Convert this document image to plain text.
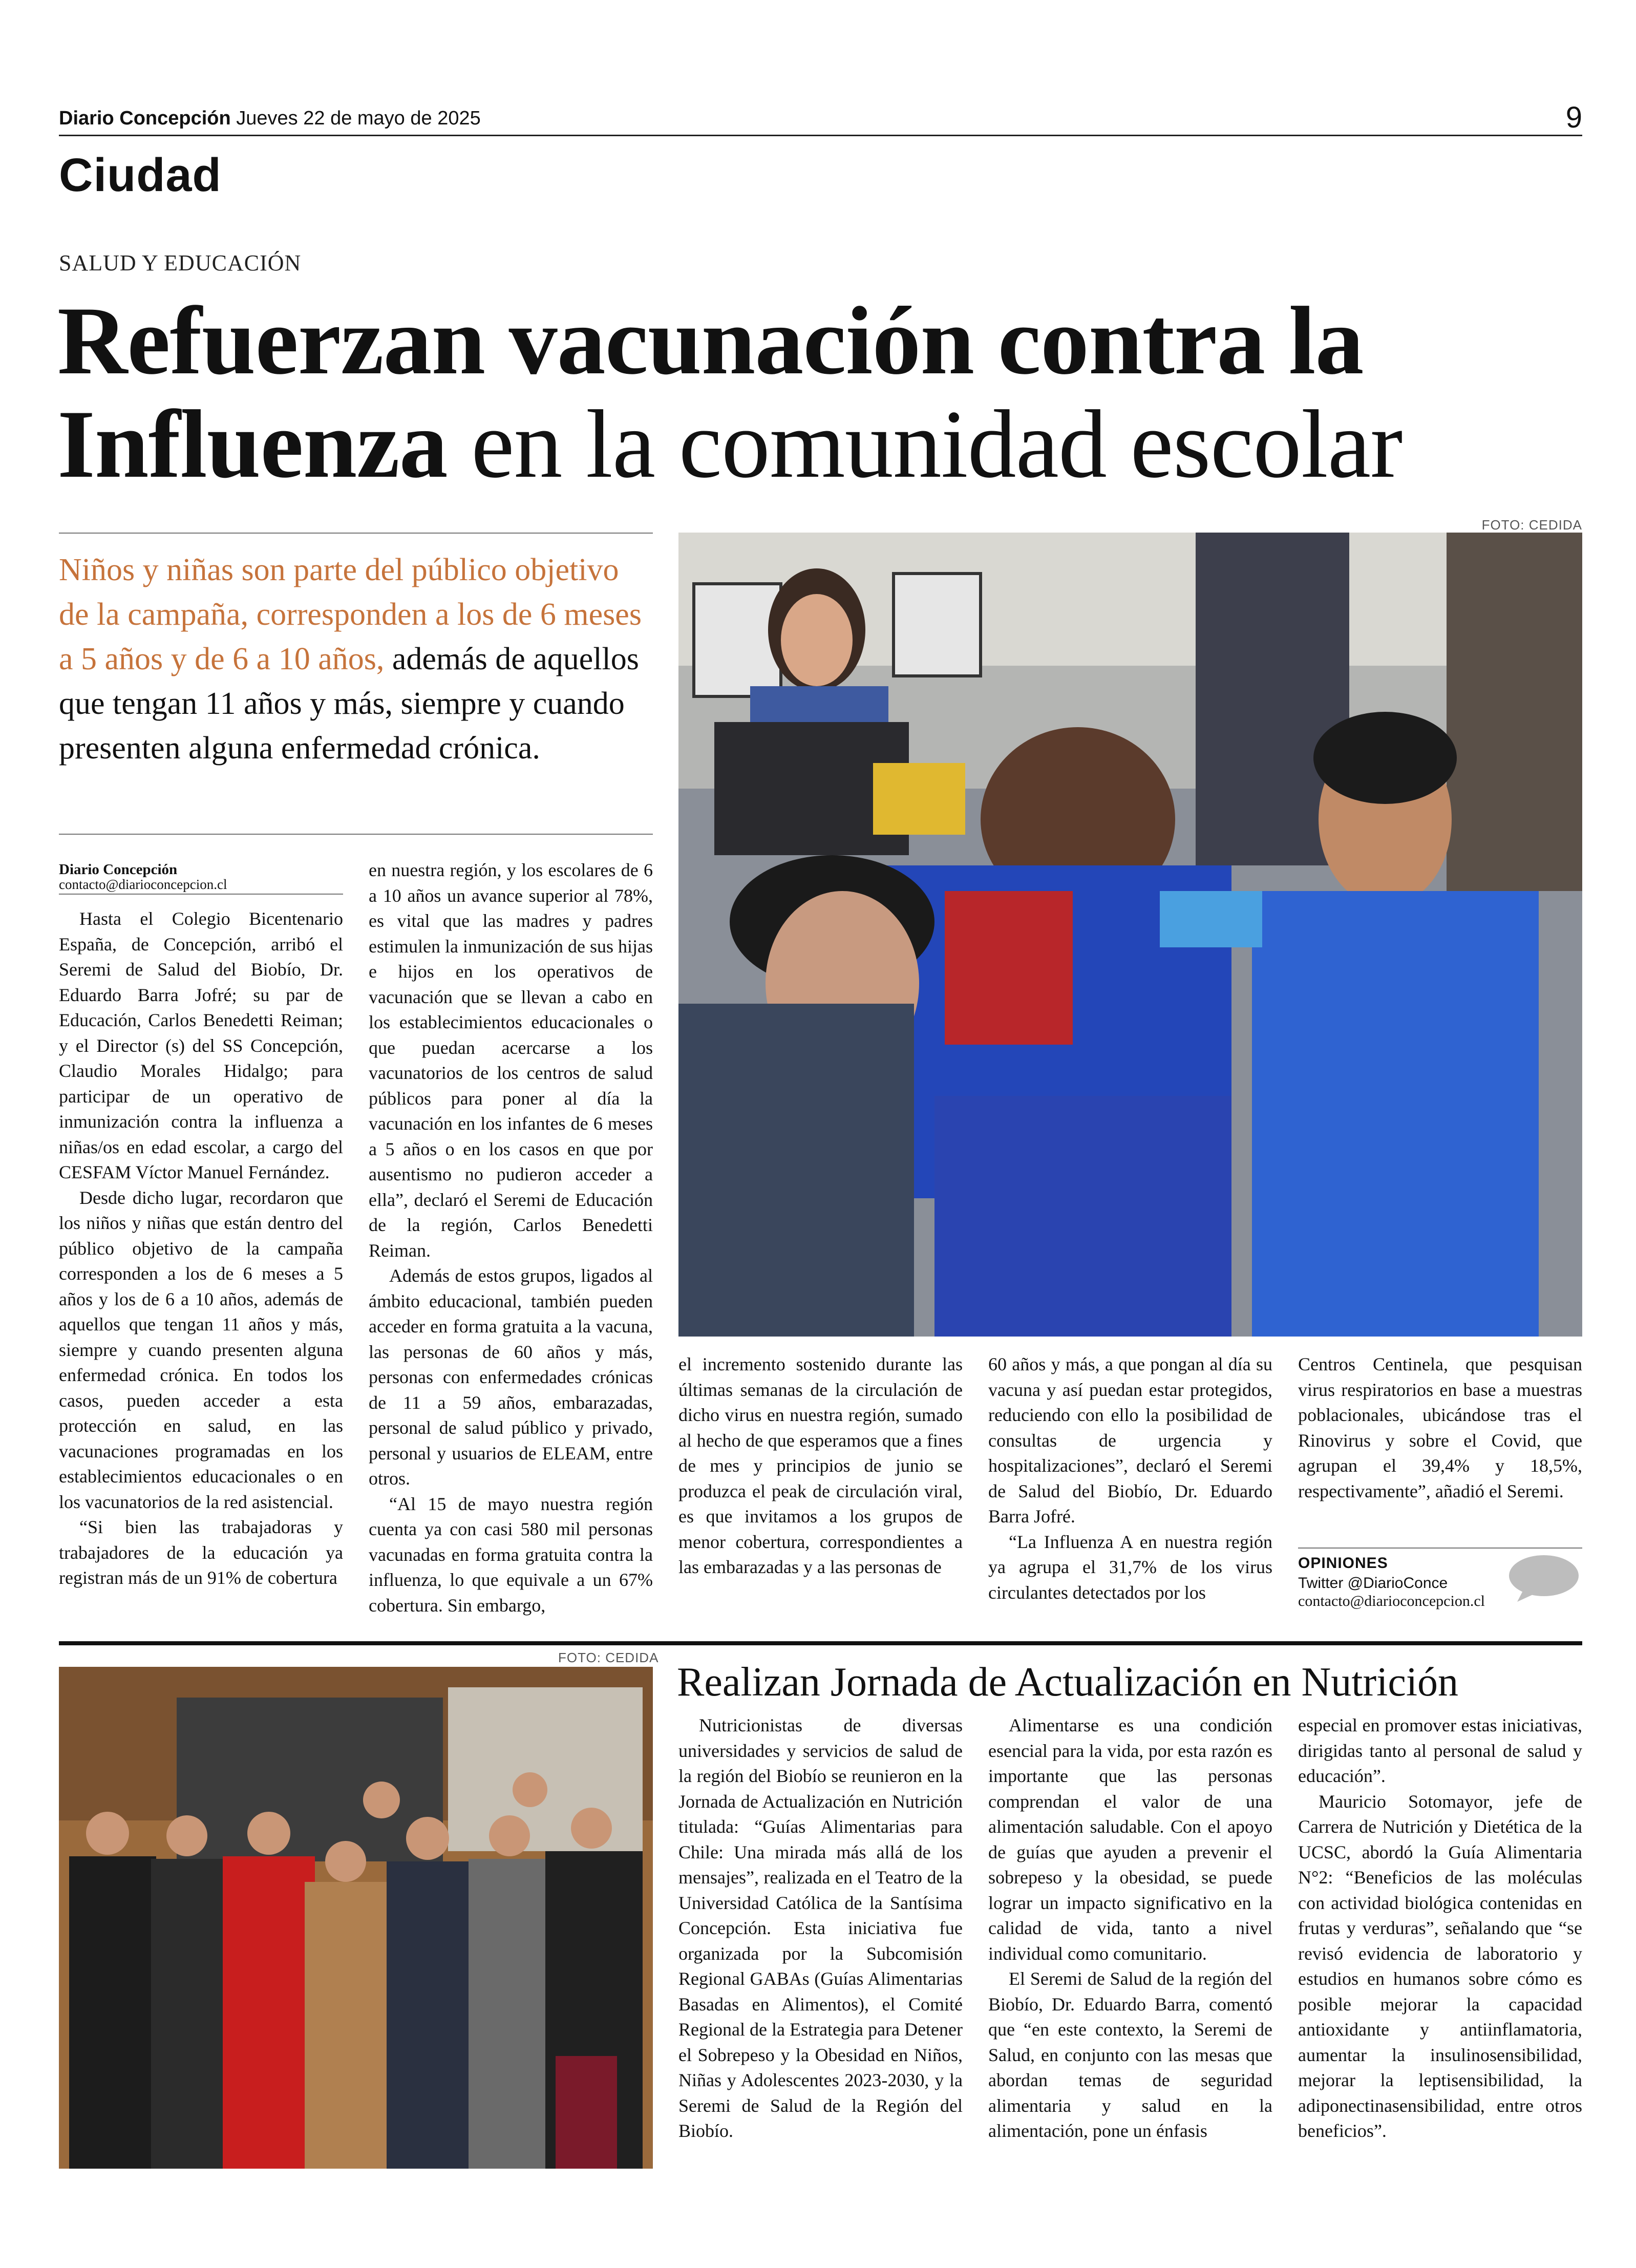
Diario Concepción Jueves 22 de mayo de 2025	9
Ciudad
SALUD Y EDUCACIÓN
Refuerzan vacunación contra la
Influenza en la comunidad escolar
Niños y niñas son parte del público objetivo de la campaña, corresponden a los de 6 meses a 5 años y de 6 a 10 años, además de aquellos que tengan 11 años y más, siempre y cuando presenten alguna enfermedad crónica.
Diario Concepción
contacto@diarioconcepcion.cl
FOTO: CEDIDA

Hasta el Colegio Bicentenario España, de Concepción, arribó el Seremi de Salud del Biobío, Dr. Eduardo Barra Jofré; su par de Educación, Carlos Benedetti Reiman; y el Director (s) del SS Concepción, Claudio Morales Hidalgo; para participar de un operativo de inmunización contra la influenza a niñas/os en edad escolar, a cargo del CESFAM Víctor Manuel Fernández.

Desde dicho lugar, recordaron que los niños y niñas que están dentro del público objetivo de la campaña corresponden a los de 6 meses a 5 años y los de 6 a 10 años, además de aquellos que tengan 11 años y más, siempre y cuando presenten alguna enfermedad crónica. En todos los casos, pueden acceder a esta protección en salud, en las vacunaciones programadas en los establecimientos educacionales o en los vacunatorios de la red asistencial.

“Si bien las trabajadoras y trabajadores de la educación ya registran más de un 91% de cobertura

en nuestra región, y los escolares de 6 a 10 años un avance superior al 78%, es vital que las madres y padres estimulen la inmunización de sus hijas e hijos en los operativos de vacunación que se llevan a cabo en los establecimientos educacionales o que puedan acercarse a los vacunatorios de los centros de salud públicos para poner al día la vacunación en los infantes de 6 meses a 5 años o en los casos en que por ausentismo no pudieron acceder a ella”, declaró el Seremi de Educación de la región, Carlos Benedetti Reiman.

Además de estos grupos, ligados al ámbito educacional, también pueden acceder en forma gratuita a la vacuna, las personas de 60 años y más, personas con enfermedades crónicas de 11 a 59 años, embarazadas, personal de salud público y privado, personal y usuarios de ELEAM, entre otros.

“Al 15 de mayo nuestra región cuenta ya con casi 580 mil personas vacunadas en forma gratuita contra la influenza, lo que equivale a un 67% cobertura. Sin embargo,

el incremento sostenido durante las últimas semanas de la circulación de dicho virus en nuestra región, sumado al hecho de que esperamos que a fines de mes y principios de junio se produzca el peak de circulación viral, es que invitamos a los grupos de menor cobertura, correspondientes a las embarazadas y a las personas de

60 años y más, a que pongan al día su vacuna y así puedan estar protegidos, reduciendo con ello la posibilidad de consultas de urgencia y hospitalizaciones”, declaró el Seremi de Salud del Biobío, Dr. Eduardo Barra Jofré.

“La Influenza A en nuestra región ya agrupa el 31,7% de los virus circulantes detectados por los

Centros Centinela, que pesquisan virus respiratorios en base a muestras poblacionales, ubicándose tras el Rinovirus y sobre el Covid, que agrupan el 39,4% y 18,5%, respectivamente”, añadió el Seremi.

OPINIONES
Twitter @DiarioConce
contacto@diarioconcepcion.cl
FOTO: CEDIDA
Realizan Jornada de Actualización en Nutrición

Nutricionistas de diversas universidades y servicios de salud de la región del Biobío se reunieron en la Jornada de Actualización en Nutrición titulada: “Guías Alimentarias para Chile: Una mirada más allá de los mensajes”, realizada en el Teatro de la Universidad Católica de la Santísima Concepción. Esta iniciativa fue organizada por la Subcomisión Regional GABAs (Guías Alimentarias Basadas en Alimentos), el Comité Regional de la Estrategia para Detener el Sobrepeso y la Obesidad en Niños, Niñas y Adolescentes 2023-2030, y la Seremi de Salud de la Región del Biobío.

Alimentarse es una condición esencial para la vida, por esta razón es importante que las personas comprendan el valor de una alimentación saludable. Con el apoyo de guías que ayuden a prevenir el sobrepeso y la obesidad, se puede lograr un impacto significativo en la calidad de vida, tanto a nivel individual como comunitario.

El Seremi de Salud de la región del Biobío, Dr. Eduardo Barra, comentó que “en este contexto, la Seremi de Salud, en conjunto con las mesas que abordan temas de seguridad alimentaria y salud en la alimentación, pone un énfasis

especial en promover estas iniciativas, dirigidas tanto al personal de salud y educación”.

Mauricio Sotomayor, jefe de Carrera de Nutrición y Dietética de la UCSC, abordó la Guía Alimentaria N°2: “Beneficios de las moléculas con actividad biológica contenidas en frutas y verduras”, señalando que “se revisó evidencia de laboratorio y estudios en humanos sobre cómo es posible mejorar la capacidad antioxidante y antiinflamatoria, aumentar la insulinosensibilidad, mejorar la leptisensibilidad, la adiponectinasensibilidad, entre otros beneficios”.
